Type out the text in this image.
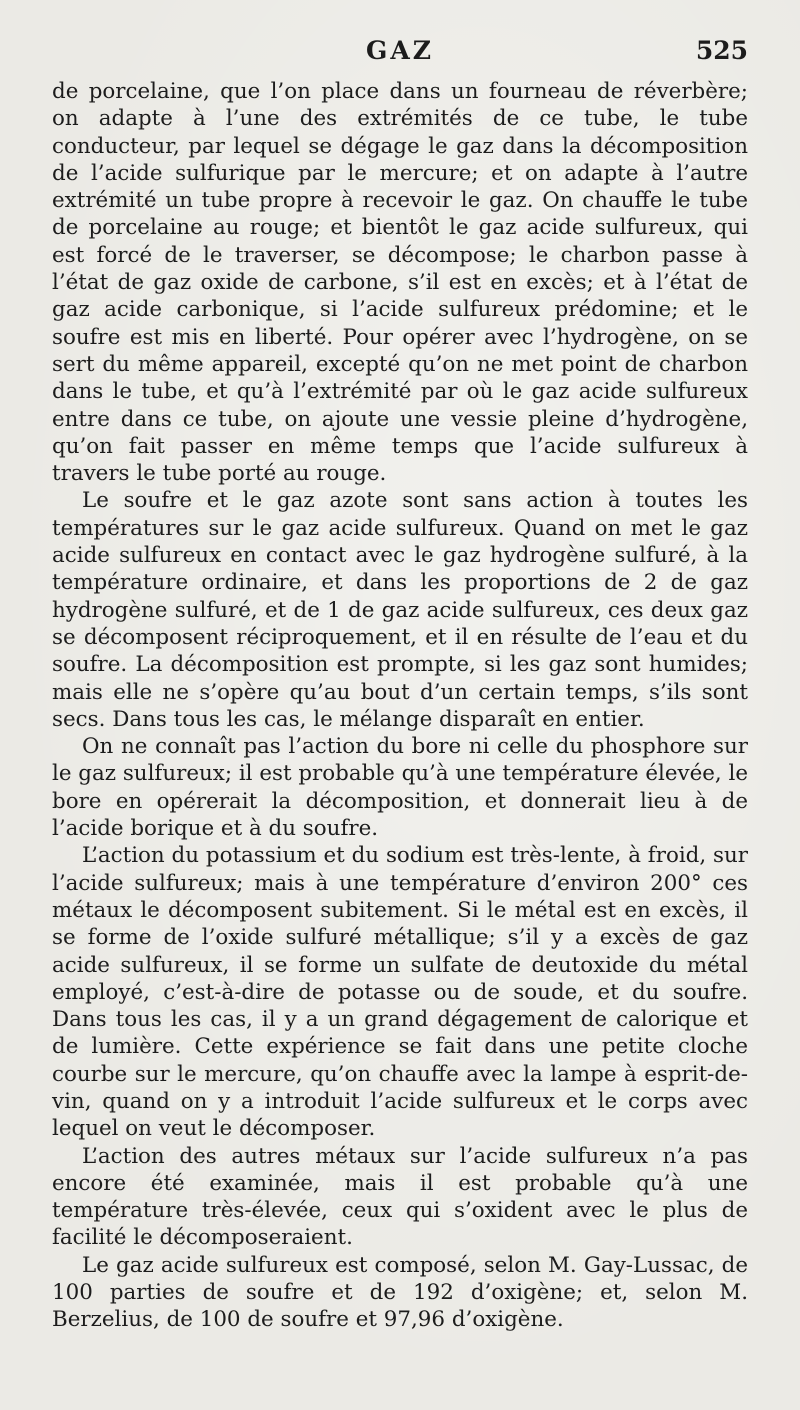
GAZ	525

de porcelaine, que l’on place dans un fourneau de réverbère; on adapte à l’une des extrémités de ce tube, le tube conducteur, par lequel se dégage le gaz dans la décomposition de l’acide sulfurique par le mercure; et on adapte à l’autre extrémité un tube propre à recevoir le gaz. On chauffe le tube de porcelaine au rouge; et bientôt le gaz acide sulfureux, qui est forcé de le traverser, se décompose; le charbon passe à l’état de gaz oxide de carbone, s’il est en excès; et à l’état de gaz acide carbonique, si l’acide sulfureux prédomine; et le soufre est mis en liberté. Pour opérer avec l’hydrogène, on se sert du même appareil, excepté qu’on ne met point de charbon dans le tube, et qu’à l’extrémité par où le gaz acide sulfureux entre dans ce tube, on ajoute une vessie pleine d’hydrogène, qu’on fait passer en même temps que l’acide sulfureux à travers le tube porté au rouge.

Le soufre et le gaz azote sont sans action à toutes les températures sur le gaz acide sulfureux. Quand on met le gaz acide sulfureux en contact avec le gaz hydrogène sulfuré, à la température ordinaire, et dans les proportions de 2 de gaz hydrogène sulfuré, et de 1 de gaz acide sulfureux, ces deux gaz se décomposent réciproquement, et il en résulte de l’eau et du soufre. La décomposition est prompte, si les gaz sont humides; mais elle ne s’opère qu’au bout d’un certain temps, s’ils sont secs. Dans tous les cas, le mélange disparaît en entier.

On ne connaît pas l’action du bore ni celle du phosphore sur le gaz sulfureux; il est probable qu’à une température élevée, le bore en opérerait la décomposition, et donnerait lieu à de l’acide borique et à du soufre.

L’action du potassium et du sodium est très-lente, à froid, sur l’acide sulfureux; mais à une température d’environ 200° ces métaux le décomposent subitement. Si le métal est en excès, il se forme de l’oxide sulfuré métallique; s’il y a excès de gaz acide sulfureux, il se forme un sulfate de deutoxide du métal employé, c’est-à-dire de potasse ou de soude, et du soufre. Dans tous les cas, il y a un grand dégagement de calorique et de lumière. Cette expérience se fait dans une petite cloche courbe sur le mercure, qu’on chauffe avec la lampe à esprit-de-vin, quand on y a introduit l’acide sulfureux et le corps avec lequel on veut le décomposer.

L’action des autres métaux sur l’acide sulfureux n’a pas encore été examinée, mais il est probable qu’à une température très-élevée, ceux qui s’oxident avec le plus de facilité le décomposeraient.

Le gaz acide sulfureux est composé, selon M. Gay-Lussac, de 100 parties de soufre et de 192 d’oxigène; et, selon M. Berzelius, de 100 de soufre et 97,96 d’oxigène.
